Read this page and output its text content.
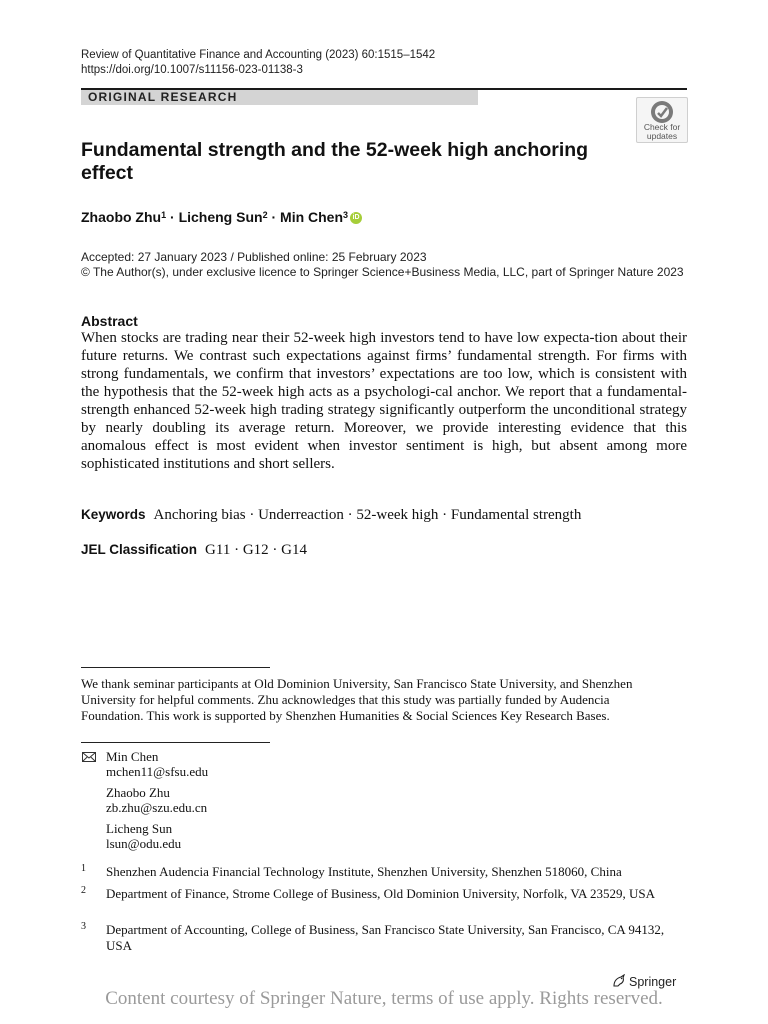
Review of Quantitative Finance and Accounting (2023) 60:1515–1542
https://doi.org/10.1007/s11156-023-01138-3
ORIGINAL RESEARCH
Check for
updates
Fundamental strength and the 52-week high anchoring effect
Zhaobo Zhu$^1$ · Licheng Sun$^2$ · Min Chen$^3$ iD
Accepted: 27 January 2023 / Published online: 25 February 2023
© The Author(s), under exclusive licence to Springer Science+Business Media, LLC, part of Springer Nature 2023
Abstract
When stocks are trading near their 52-week high investors tend to have low expecta-tion about their future returns. We contrast such expectations against firms’ fundamental strength. For firms with strong fundamentals, we confirm that investors’ expectations are too low, which is consistent with the hypothesis that the 52-week high acts as a psychologi-cal anchor. We report that a fundamental-strength enhanced 52-week high trading strategy significantly outperform the unconditional strategy by nearly doubling its average return. Moreover, we provide interesting evidence that this anomalous effect is most evident when investor sentiment is high, but absent among more sophisticated institutions and short sellers.
Keywords Anchoring bias · Underreaction · 52-week high · Fundamental strength
JEL Classification G11 · G12 · G14
We thank seminar participants at Old Dominion University, San Francisco State University, and Shenzhen University for helpful comments. Zhu acknowledges that this study was partially funded by Audencia Foundation. This work is supported by Shenzhen Humanities & Social Sciences Key Research Bases.
Min Chen
mchen11@sfsu.edu
Zhaobo Zhu
zb.zhu@szu.edu.cn
Licheng Sun
lsun@odu.edu
1 Shenzhen Audencia Financial Technology Institute, Shenzhen University, Shenzhen 518060, China
2 Department of Finance, Strome College of Business, Old Dominion University, Norfolk, VA 23529, USA
3 Department of Accounting, College of Business, San Francisco State University, San Francisco, CA 94132, USA
Springer
Content courtesy of Springer Nature, terms of use apply. Rights reserved.
